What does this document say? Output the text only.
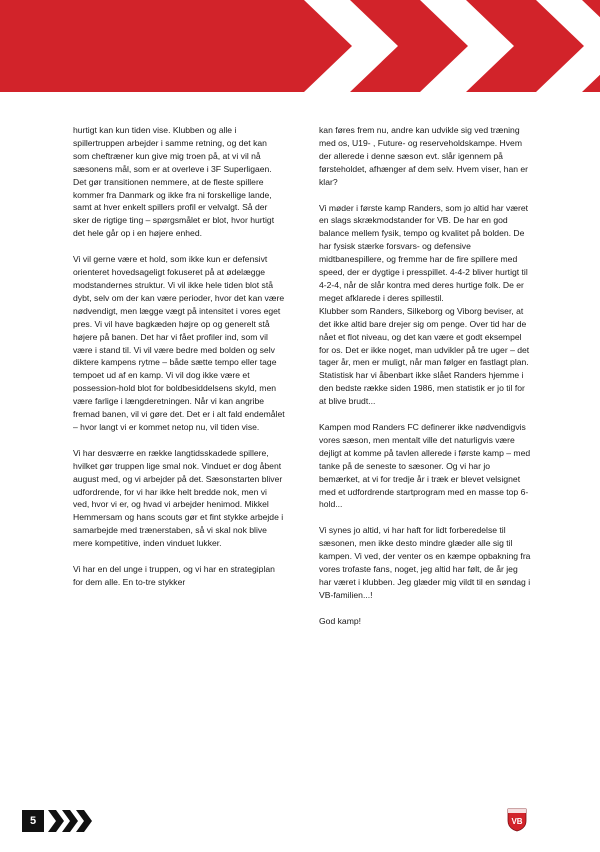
hurtigt kan kun tiden vise. Klubben og alle i spillertruppen arbejder i samme retning, og det kan som cheftræner kun give mig troen på, at vi vil nå sæsonens mål, som er at overleve i 3F Superligaen.
Det gør transitionen nemmere, at de fleste spillere kommer fra Danmark og ikke fra ni forskellige lande, samt at hver enkelt spillers profil er velvalgt. Så der sker de rigtige ting – spørgsmålet er blot, hvor hurtigt det hele går op i en højere enhed.

Vi vil gerne være et hold, som ikke kun er defensivt orienteret hovedsageligt fokuseret på at ødelægge modstandernes struktur. Vi vil ikke hele tiden blot stå dybt, selv om der kan være perioder, hvor det kan være nødvendigt, men lægge vægt på intensitet i vores eget pres. Vi vil have bagkæden højre op og generelt stå højere på banen. Det har vi fået profiler ind, som vil være i stand til. Vi vil være bedre med bolden og selv diktere kampens rytme – både sætte tempo eller tage tempoet ud af en kamp. Vi vil dog ikke være et possession-hold blot for boldbesiddelsens skyld, men være farlige i længderetningen. Når vi kan angribe fremad banen, vil vi gøre det. Det er i alt fald endemålet – hvor langt vi er kommet netop nu, vil tiden vise.

Vi har desværre en række langtidsskadede spillere, hvilket gør truppen lige smal nok. Vinduet er dog åbent august med, og vi arbejder på det. Sæsonstarten bliver udfordrende, for vi har ikke helt bredde nok, men vi ved, hvor vi er, og hvad vi arbejder henimod. Mikkel Hemmersam og hans scouts gør et fint stykke arbejde i samarbejde med trænerstaben, så vi skal nok blive mere kompetitive, inden vinduet lukker.

Vi har en del unge i truppen, og vi har en strategiplan for dem alle. En to-tre stykker

kan føres frem nu, andre kan udvikle sig ved træning med os, U19- , Future- og reserveholdskampe. Hvem der allerede i denne sæson evt. slår igennem på førsteholdet, afhænger af dem selv. Hvem viser, han er klar?

Vi møder i første kamp Randers, som jo altid har været en slags skrækmodstander for VB. De har en god balance mellem fysik, tempo og kvalitet på bolden. De har fysisk stærke forsvars- og defensive midtbanespillere, og fremme har de fire spillere med speed, der er dygtige i presspillet. 4-4-2 bliver hurtigt til 4-2-4, når de slår kontra med deres hurtige folk. De er meget afklarede i deres spillestil.
Klubber som Randers, Silkeborg og Viborg beviser, at det ikke altid bare drejer sig om penge. Over tid har de nået et flot niveau, og det kan være et godt eksempel for os. Det er ikke noget, man udvikler på tre uger – det tager år, men er muligt, når man følger en fastlagt plan. Statistisk har vi åbenbart ikke slået Randers hjemme i den bedste række siden 1986, men statistik er jo til for at blive brudt...

Kampen mod Randers FC definerer ikke nødvendigvis vores sæson, men mentalt ville det naturligvis være dejligt at komme på tavlen allerede i første kamp – med tanke på de seneste to sæsoner. Og vi har jo bemærket, at vi for tredje år i træk er blevet velsignet med et udfordrende startprogram med en masse top 6-hold...

Vi synes jo altid, vi har haft for lidt forberedelse til sæsonen, men ikke desto mindre glæder alle sig til kampen. Vi ved, der venter os en kæmpe opbakning fra vores trofaste fans, noget, jeg altid har følt, de år jeg har været i klubben. Jeg glæder mig vildt til en søndag i VB-familien...!

God kamp!

5	VB
